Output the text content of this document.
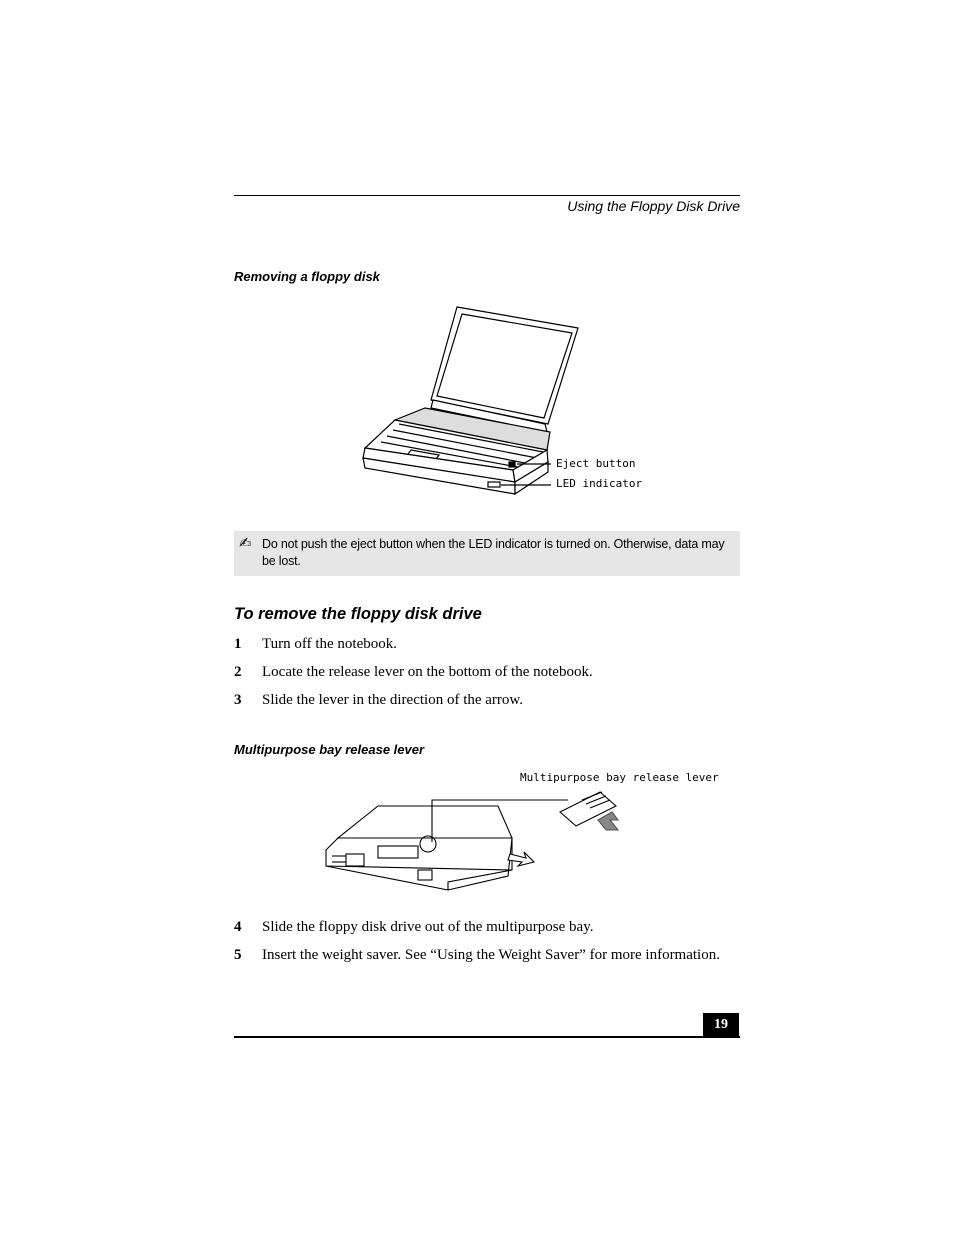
Using the Floppy Disk Drive
Removing a floppy disk
Eject button
LED indicator
✍ Do not push the eject button when the LED indicator is turned on. Otherwise, data may be lost.
To remove the floppy disk drive
1 Turn off the notebook.
2 Locate the release lever on the bottom of the notebook.
3 Slide the lever in the direction of the arrow.
Multipurpose bay release lever
Multipurpose bay release lever
4 Slide the floppy disk drive out of the multipurpose bay.
5 Insert the weight saver. See “Using the Weight Saver” for more information.
19
